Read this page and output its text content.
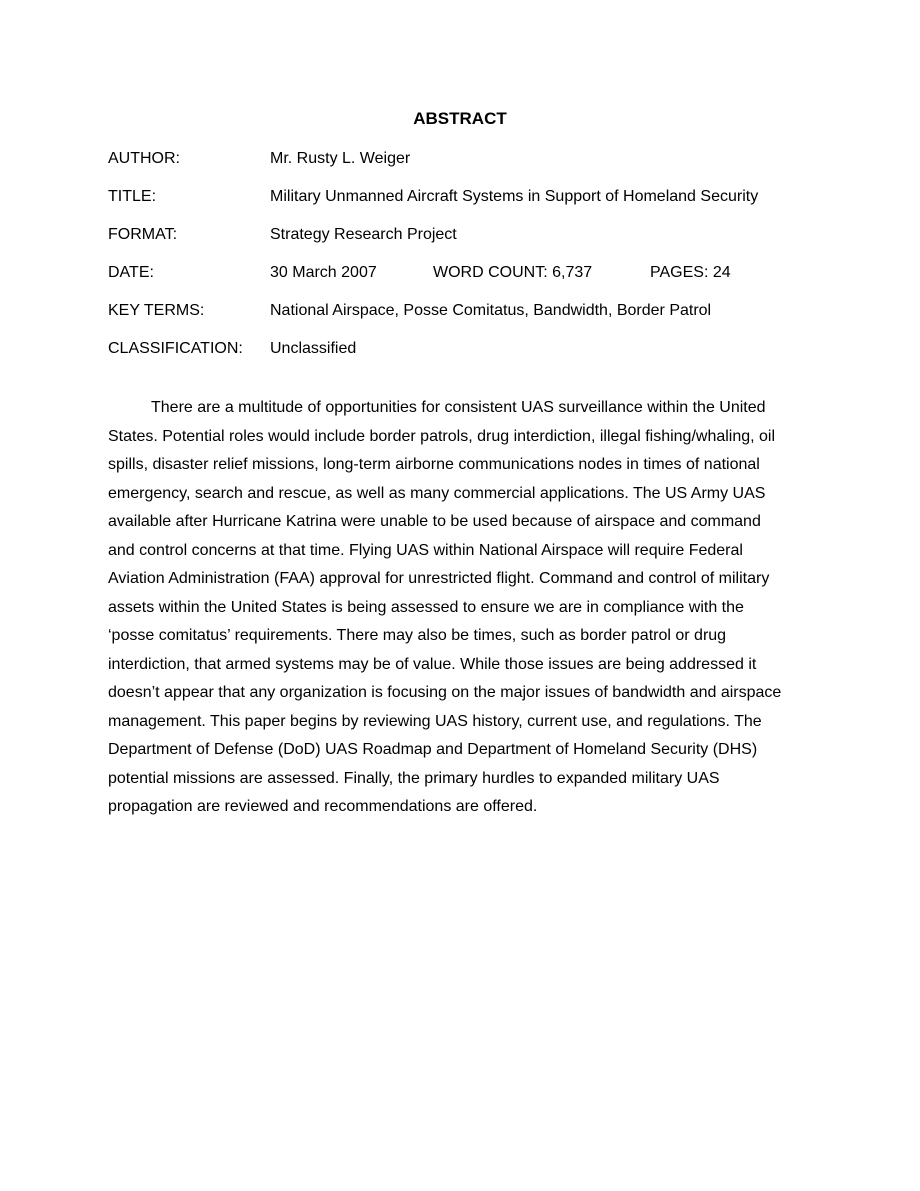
ABSTRACT
AUTHOR:	Mr. Rusty L. Weiger
TITLE:	Military Unmanned Aircraft Systems in Support of Homeland Security
FORMAT:	Strategy Research Project
DATE:	30 March 2007	WORD COUNT: 6,737	PAGES: 24
KEY TERMS:	National Airspace, Posse Comitatus, Bandwidth, Border Patrol
CLASSIFICATION: Unclassified

There are a multitude of opportunities for consistent UAS surveillance within the United
States. Potential roles would include border patrols, drug interdiction, illegal fishing/whaling, oil
spills, disaster relief missions, long-term airborne communications nodes in times of national
emergency, search and rescue, as well as many commercial applications. The US Army UAS
available after Hurricane Katrina were unable to be used because of airspace and command
and control concerns at that time. Flying UAS within National Airspace will require Federal
Aviation Administration (FAA) approval for unrestricted flight. Command and control of military
assets within the United States is being assessed to ensure we are in compliance with the
‘posse comitatus’ requirements. There may also be times, such as border patrol or drug
interdiction, that armed systems may be of value. While those issues are being addressed it
doesn’t appear that any organization is focusing on the major issues of bandwidth and airspace
management. This paper begins by reviewing UAS history, current use, and regulations. The
Department of Defense (DoD) UAS Roadmap and Department of Homeland Security (DHS)
potential missions are assessed. Finally, the primary hurdles to expanded military UAS
propagation are reviewed and recommendations are offered.
